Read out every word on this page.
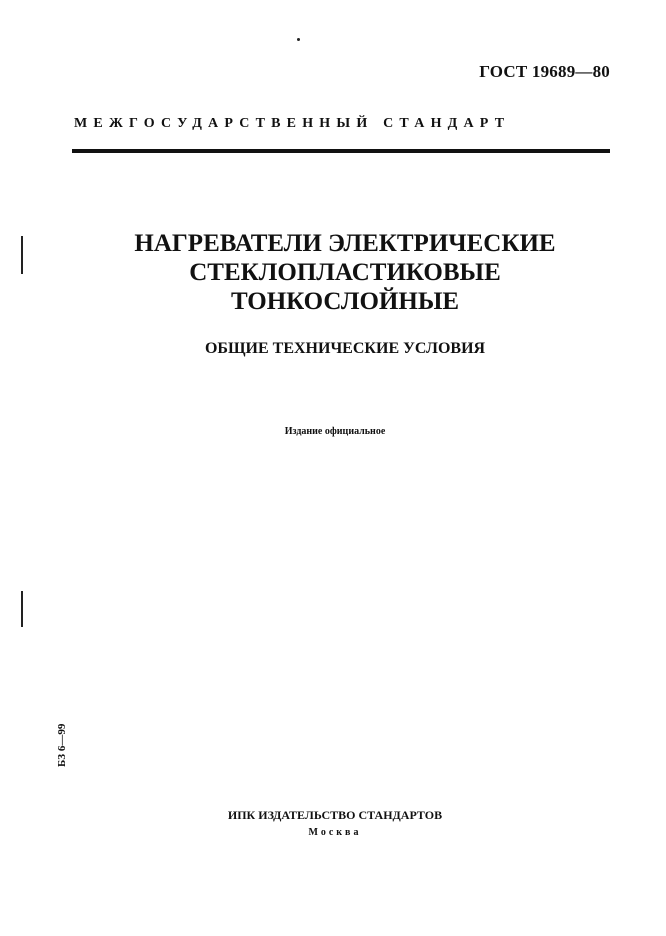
ГОСТ 19689—80
МЕЖГОСУДАРСТВЕННЫЙ СТАНДАРТ
НАГРЕВАТЕЛИ ЭЛЕКТРИЧЕСКИЕ
СТЕКЛОПЛАСТИКОВЫЕ
ТОНКОСЛОЙНЫЕ
ОБЩИЕ ТЕХНИЧЕСКИЕ УСЛОВИЯ
Издание официальное
БЗ 6—99
ИПК ИЗДАТЕЛЬСТВО СТАНДАРТОВ
Москва
